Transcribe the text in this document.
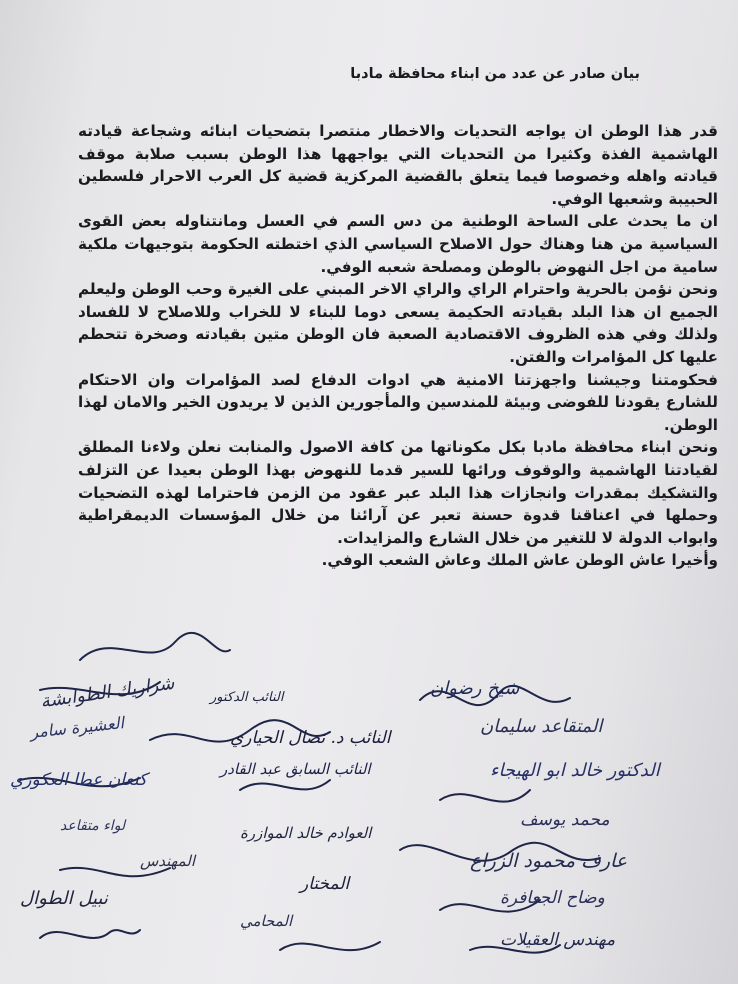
بيان صادر عن عدد من ابناء محافظة مادبا

قدر هذا الوطن ان يواجه التحديات والاخطار منتصرا بتضحيات ابنائه وشجاعة قيادته الهاشمية الفذة وكثيرا من التحديات التي يواجهها هذا الوطن بسبب صلابة موقف قيادته واهله وخصوصا فيما يتعلق بالقضية المركزية قضية كل العرب الاحرار فلسطين الحبيبة وشعبها الوفي.

ان ما يحدث على الساحة الوطنية من دس السم في العسل ومانتناوله بعض القوى السياسية من هنا وهناك حول الاصلاح السياسي الذي اختطته الحكومة بتوجيهات ملكية سامية من اجل النهوض بالوطن ومصلحة شعبه الوفي.

ونحن نؤمن بالحرية واحترام الراي والراي الاخر المبني على الغيرة وحب الوطن وليعلم الجميع ان هذا البلد بقيادته الحكيمة يسعى دوما للبناء لا للخراب وللاصلاح لا للفساد ولذلك وفي هذه الظروف الاقتصادية الصعبة فان الوطن متين بقيادته وصخرة تتحطم عليها كل المؤامرات والفتن.

فحكومتنا وجيشنا واجهزتنا الامنية هي ادوات الدفاع لصد المؤامرات وان الاحتكام للشارع يقودنا للفوضى وبيئة للمندسين والمأجورين الذين لا يريدون الخير والامان لهذا الوطن.

ونحن ابناء محافظة مادبا بكل مكوناتها من كافة الاصول والمنابت نعلن ولاءنا المطلق لقيادتنا الهاشمية والوقوف ورائها للسير قدما للنهوض بهذا الوطن بعيدا عن التزلف والتشكيك بمقدرات وانجازات هذا البلد عبر عقود من الزمن فاحتراما لهذه التضحيات وحملها في اعناقنا قدوة حسنة تعبر عن آرائنا من خلال المؤسسات الديمقراطية وابواب الدولة لا للتغير من خلال الشارع والمزايدات.

وأخيرا عاش الوطن عاش الملك وعاش الشعب الوفي.

شيخ رضوان
النائب الدكتور
شراريك الطوابشة
المتقاعد سليمان
النائب د. نضال الحياري
العشيرة سامر
النائب السابق عبد القادر	الدكتور خالد ابو الهيجاء
كنعان عطا العكوري
لواء متقاعد	محمد يوسف
العوادم خالد الموازرة
عارف محمود الزراع
المهندس
المختار
وضاح الجعافرة
نبيل الطوال
المحامي
مهندس العقيلات
